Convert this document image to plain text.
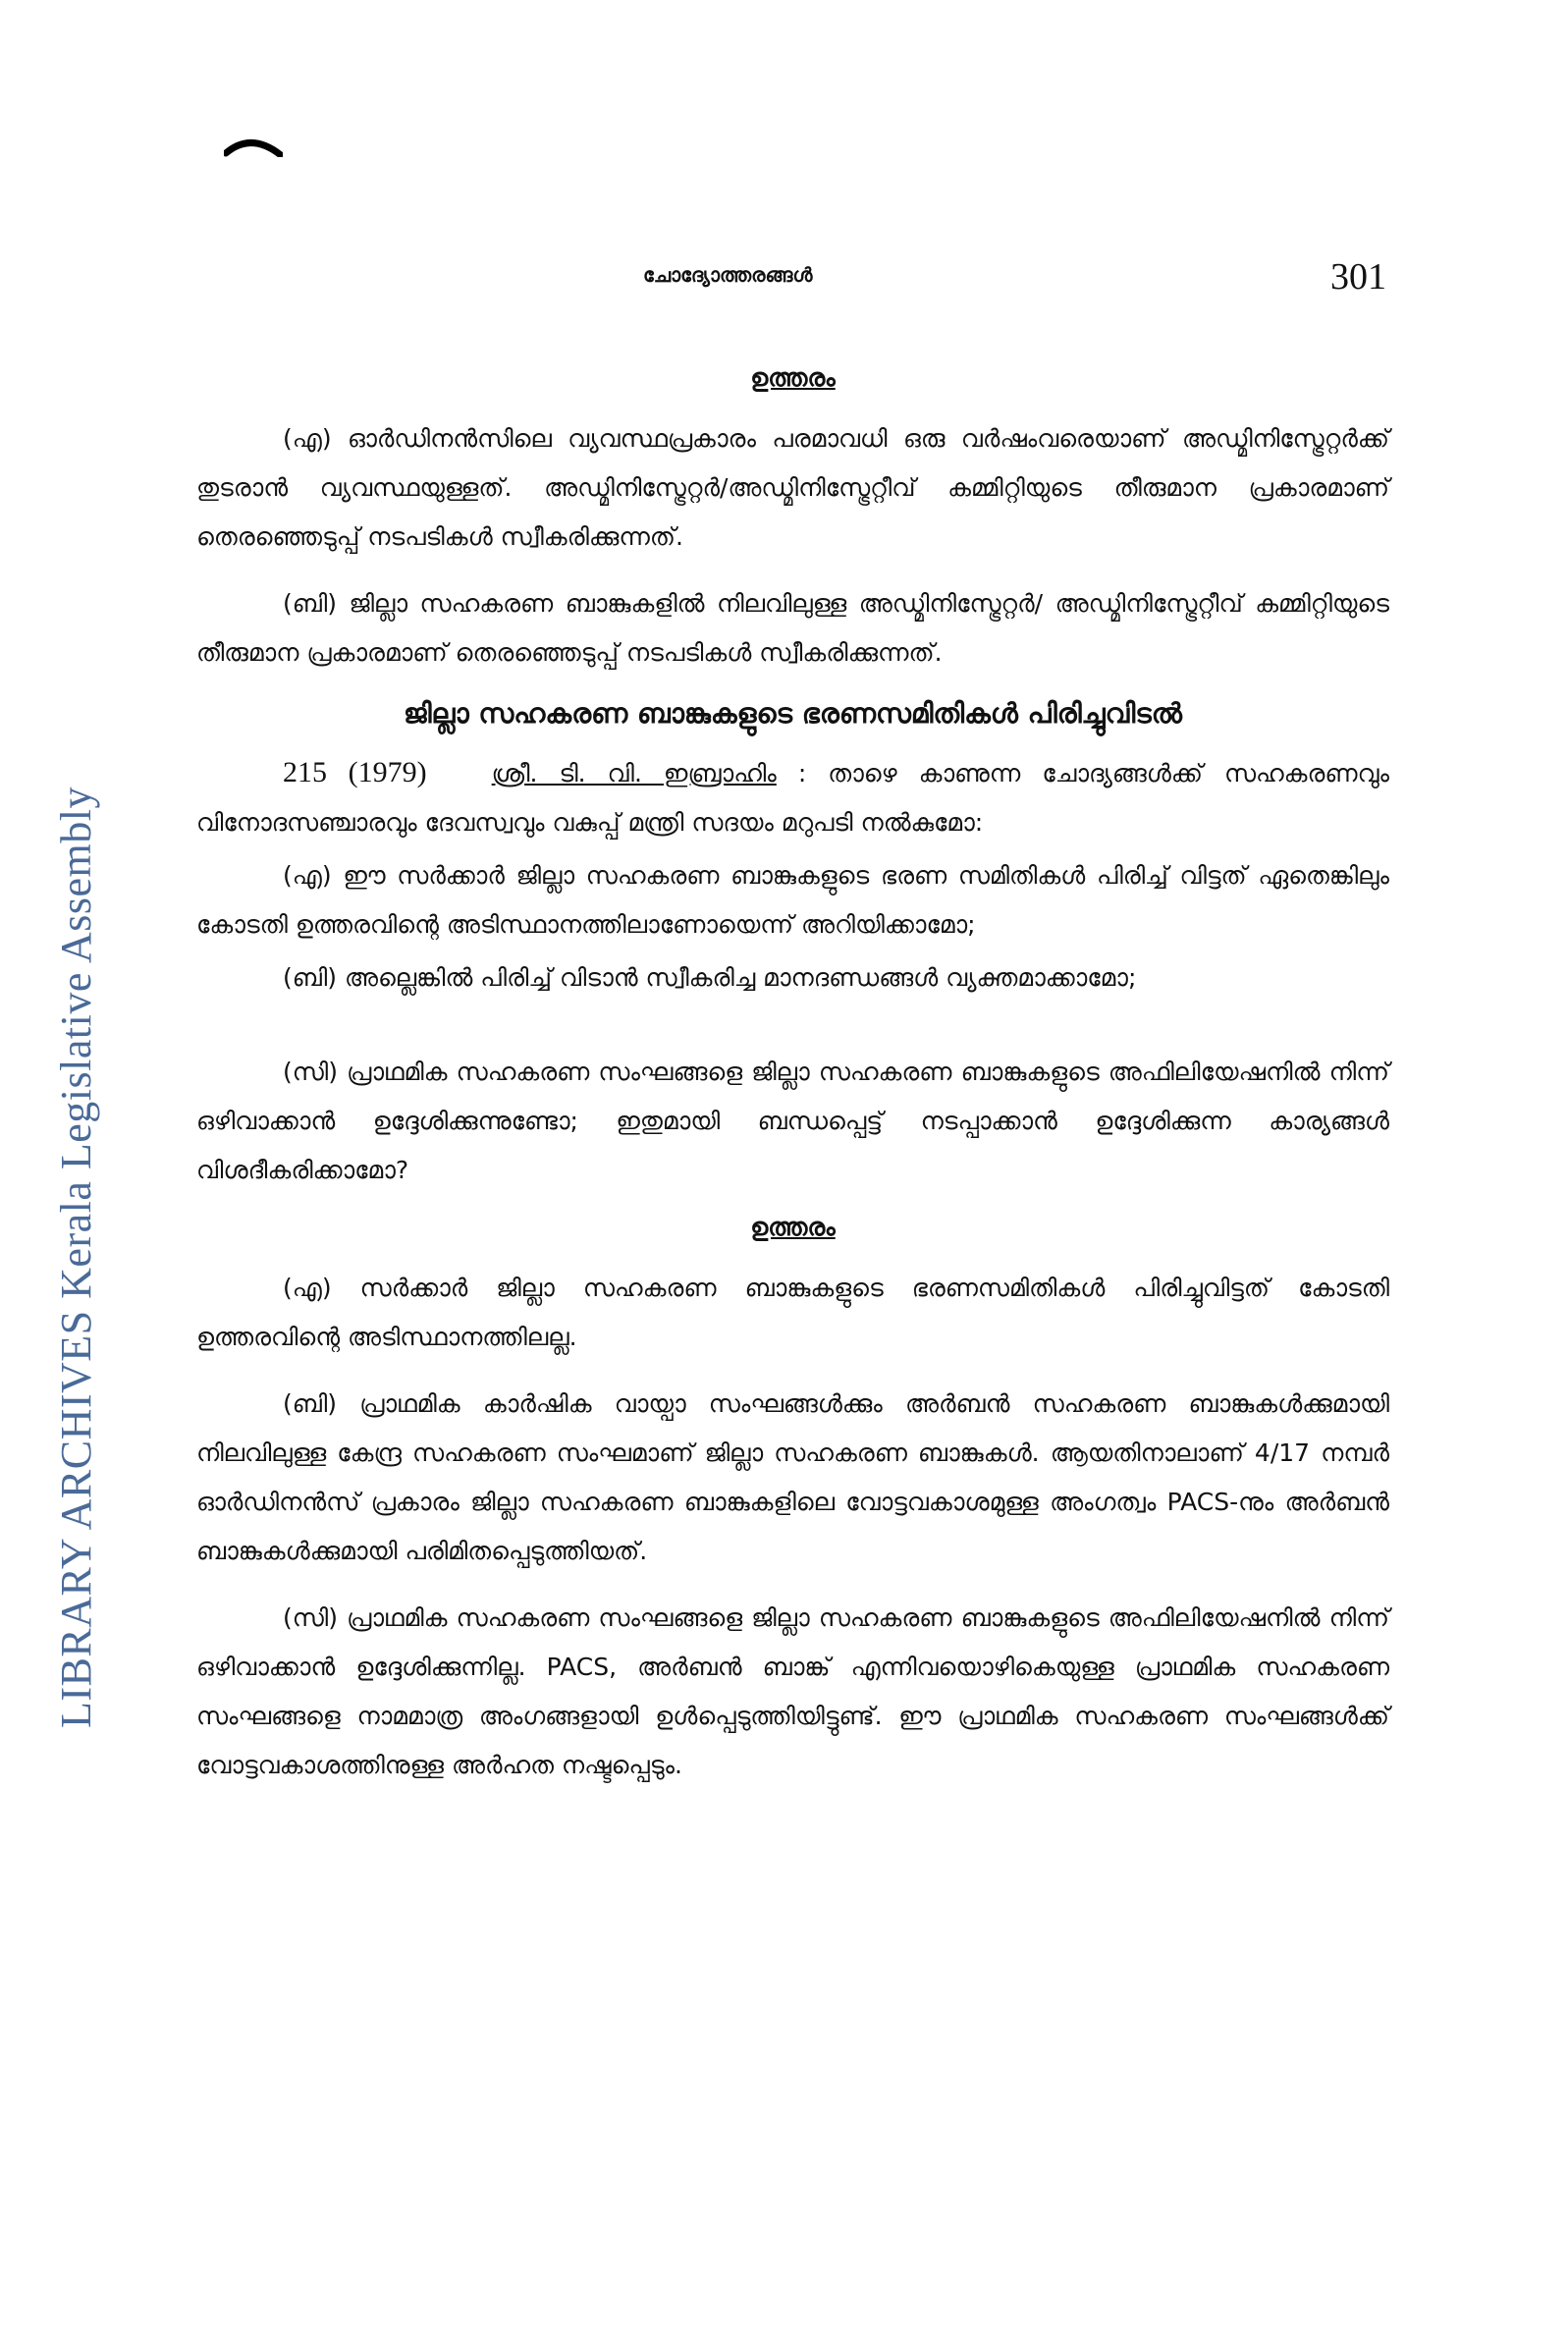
LIBRARY ARCHIVES Kerala Legislative Assembly
ചോദ്യോത്തരങ്ങൾ	301
ഉത്തരം

(എ) ഓർഡിനൻസിലെ വ്യവസ്ഥപ്രകാരം പരമാവധി ഒരു വർഷംവരെയാണ് അഡ്മിനിസ്ട്രേറ്റർക്ക് തുടരാൻ വ്യവസ്ഥയുള്ളത്. അഡ്മിനിസ്ട്രേറ്റർ/അഡ്മിനിസ്ട്രേറ്റീവ് കമ്മിറ്റിയുടെ തീരുമാന പ്രകാരമാണ് തെരഞ്ഞെടുപ്പ് നടപടികൾ സ്വീകരിക്കുന്നത്.

(ബി) ജില്ലാ സഹകരണ ബാങ്കുകളിൽ നിലവിലുള്ള അഡ്മിനിസ്ട്രേറ്റർ/ അഡ്മിനിസ്ട്രേറ്റീവ് കമ്മിറ്റിയുടെ തീരുമാന പ്രകാരമാണ് തെരഞ്ഞെടുപ്പ് നടപടികൾ സ്വീകരിക്കുന്നത്.

ജില്ലാ സഹകരണ ബാങ്കുകളുടെ ഭരണസമിതികൾ പിരിച്ചുവിടൽ

215 (1979)	ശ്രീ. ടി. വി. ഇബ്രാഹിം : താഴെ കാണുന്ന ചോദ്യങ്ങൾക്ക് സഹകരണവും വിനോദസഞ്ചാരവും ദേവസ്വവും വകുപ്പ് മന്ത്രി സദയം മറുപടി നൽകുമോ:

(എ) ഈ സർക്കാർ ജില്ലാ സഹകരണ ബാങ്കുകളുടെ ഭരണ സമിതികൾ പിരിച്ച് വിട്ടത് ഏതെങ്കിലും കോടതി ഉത്തരവിന്റെ അടിസ്ഥാനത്തിലാണോയെന്ന് അറിയിക്കാമോ;

(ബി) അല്ലെങ്കിൽ പിരിച്ച് വിടാൻ സ്വീകരിച്ച മാനദണ്ഡങ്ങൾ വ്യക്തമാക്കാമോ;

(സി) പ്രാഥമിക സഹകരണ സംഘങ്ങളെ ജില്ലാ സഹകരണ ബാങ്കുകളുടെ അഫിലിയേഷനിൽ നിന്ന് ഒഴിവാക്കാൻ ഉദ്ദേശിക്കുന്നുണ്ടോ; ഇതുമായി ബന്ധപ്പെട്ട് നടപ്പാക്കാൻ ഉദ്ദേശിക്കുന്ന കാര്യങ്ങൾ വിശദീകരിക്കാമോ?

ഉത്തരം

(എ) സർക്കാർ ജില്ലാ സഹകരണ ബാങ്കുകളുടെ ഭരണസമിതികൾ പിരിച്ചുവിട്ടത് കോടതി ഉത്തരവിന്റെ അടിസ്ഥാനത്തിലല്ല.

(ബി) പ്രാഥമിക കാർഷിക വായ്പാ സംഘങ്ങൾക്കും അർബൻ സഹകരണ ബാങ്കുകൾക്കുമായി നിലവിലുള്ള കേന്ദ്ര സഹകരണ സംഘമാണ് ജില്ലാ സഹകരണ ബാങ്കുകൾ. ആയതിനാലാണ് 4/17 നമ്പർ ഓർഡിനൻസ് പ്രകാരം ജില്ലാ സഹകരണ ബാങ്കുകളിലെ വോട്ടവകാശമുള്ള അംഗത്വം PACS-നും അർബൻ ബാങ്കുകൾക്കുമായി പരിമിതപ്പെടുത്തിയത്.

(സി) പ്രാഥമിക സഹകരണ സംഘങ്ങളെ ജില്ലാ സഹകരണ ബാങ്കുകളുടെ അഫിലിയേഷനിൽ നിന്ന് ഒഴിവാക്കാൻ ഉദ്ദേശിക്കുന്നില്ല. PACS, അർബൻ ബാങ്ക് എന്നിവയൊഴികെയുള്ള പ്രാഥമിക സഹകരണ സംഘങ്ങളെ നാമമാത്ര അംഗങ്ങളായി ഉൾപ്പെടുത്തിയിട്ടുണ്ട്. ഈ പ്രാഥമിക സഹകരണ സംഘങ്ങൾക്ക് വോട്ടവകാശത്തിനുള്ള അർഹത നഷ്ടപ്പെടും.
